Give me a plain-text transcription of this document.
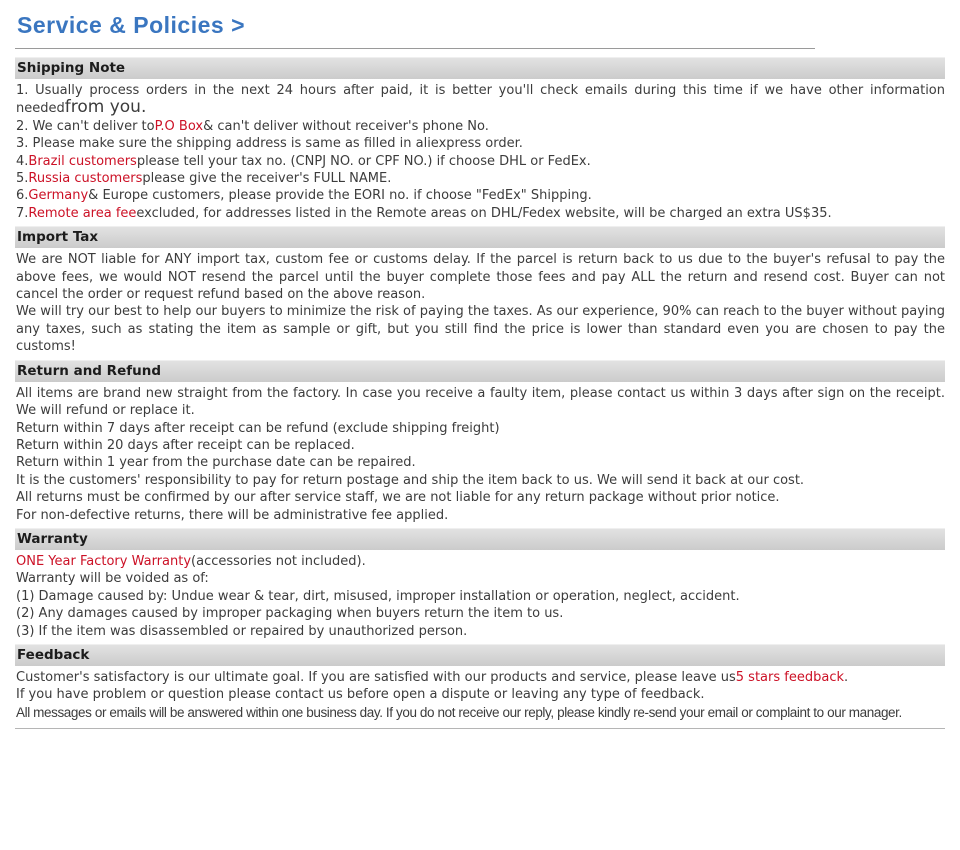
Service & Policies >
Shipping Note

1. Usually process orders in the next 24 hours after paid, it is better you'll check emails during this time if we have other information neededfrom you.

2. We can't deliver toP.O Box& can't deliver without receiver's phone No.

3. Please make sure the shipping address is same as filled in aliexpress order.

4.Brazil customersplease tell your tax no. (CNPJ NO. or CPF NO.) if choose DHL or FedEx.

5.Russia customersplease give the receiver's FULL NAME.

6.Germany& Europe customers, please provide the EORI no. if choose "FedEx" Shipping.

7.Remote area feeexcluded, for addresses listed in the Remote areas on DHL/Fedex website, will be charged an extra US$35.

Import Tax

We are NOT liable for ANY import tax, custom fee or customs delay. If the parcel is return back to us due to the buyer's refusal to pay the above fees, we would NOT resend the parcel until the buyer complete those fees and pay ALL the return and resend cost. Buyer can not cancel the order or request refund based on the above reason.

We will try our best to help our buyers to minimize the risk of paying the taxes. As our experience, 90% can reach to the buyer without paying any taxes, such as stating the item as sample or gift, but you still find the price is lower than standard even you are chosen to pay the customs!

Return and Refund

All items are brand new straight from the factory. In case you receive a faulty item, please contact us within 3 days after sign on the receipt. We will refund or replace it.

Return within 7 days after receipt can be refund (exclude shipping freight)

Return within 20 days after receipt can be replaced.

Return within 1 year from the purchase date can be repaired.

It is the customers' responsibility to pay for return postage and ship the item back to us. We will send it back at our cost.

All returns must be confirmed by our after service staff, we are not liable for any return package without prior notice.

For non-defective returns, there will be administrative fee applied.

Warranty

ONE Year Factory Warranty(accessories not included).

Warranty will be voided as of:

(1) Damage caused by: Undue wear & tear, dirt, misused, improper installation or operation, neglect, accident.

(2) Any damages caused by improper packaging when buyers return the item to us.

(3) If the item was disassembled or repaired by unauthorized person.

Feedback

Customer's satisfactory is our ultimate goal. If you are satisfied with our products and service, please leave us5 stars feedback.

If you have problem or question please contact us before open a dispute or leaving any type of feedback.

All messages or emails will be answered within one business day. If you do not receive our reply, please kindly re-send your email or complaint to our manager.
